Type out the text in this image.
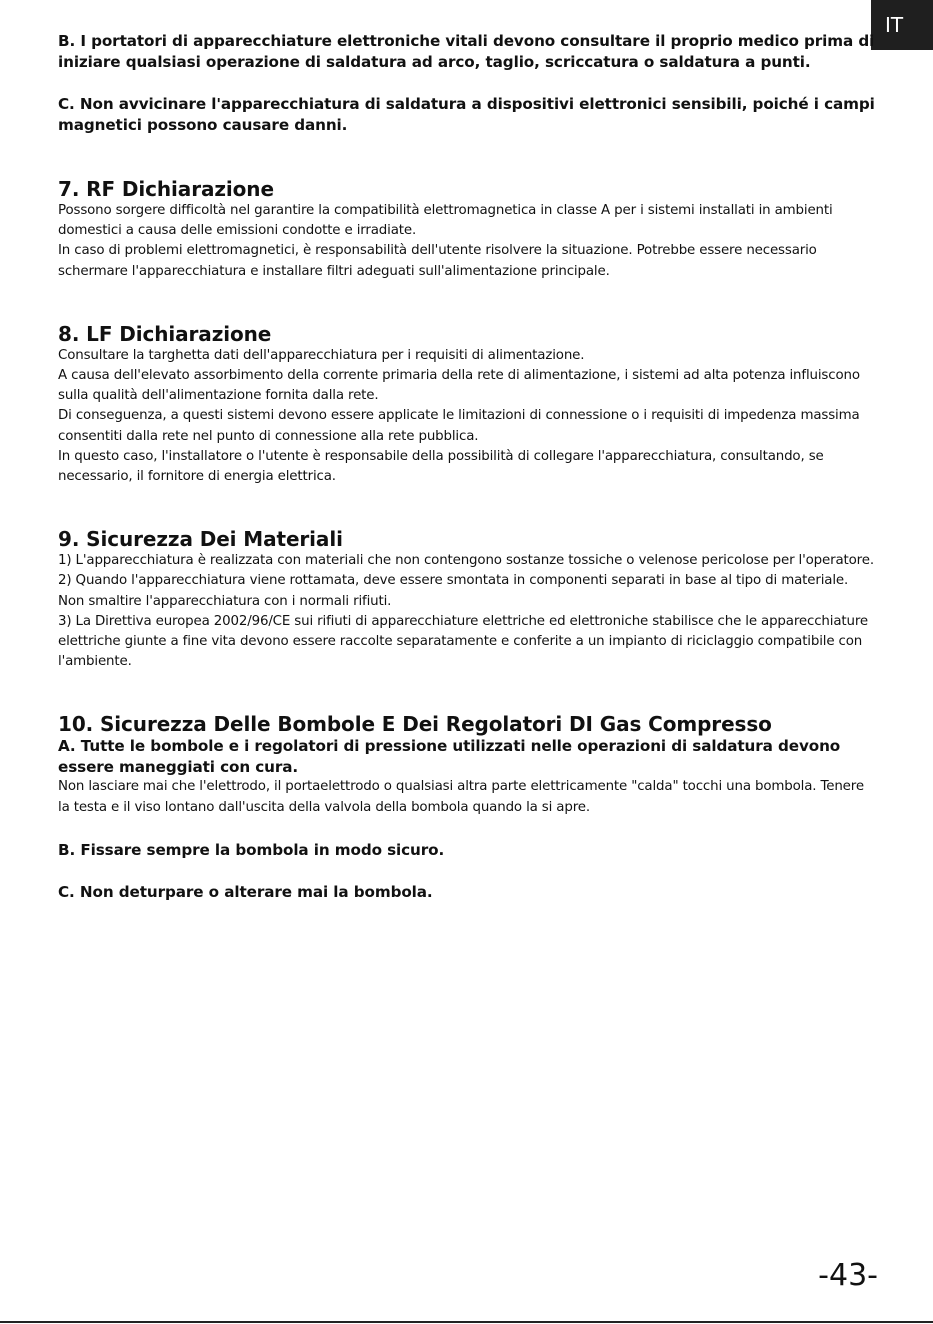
IT

B. I portatori di apparecchiature elettroniche vitali devono consultare il proprio medico prima di iniziare qualsiasi operazione di saldatura ad arco, taglio, scriccatura o saldatura a punti.

C. Non avvicinare l'apparecchiatura di saldatura a dispositivi elettronici sensibili, poiché i campi magnetici possono causare danni.

7. RF Dichiarazione

Possono sorgere difficoltà nel garantire la compatibilità elettromagnetica in classe A per i sistemi installati in ambienti domestici a causa delle emissioni condotte e irradiate.

In caso di problemi elettromagnetici, è responsabilità dell'utente risolvere la situazione. Potrebbe essere necessario schermare l'apparecchiatura e installare filtri adeguati sull'alimentazione principale.

8. LF Dichiarazione

Consultare la targhetta dati dell'apparecchiatura per i requisiti di alimentazione.

A causa dell'elevato assorbimento della corrente primaria della rete di alimentazione, i sistemi ad alta potenza influiscono sulla qualità dell'alimentazione fornita dalla rete.

Di conseguenza, a questi sistemi devono essere applicate le limitazioni di connessione o i requisiti di impedenza massima consentiti dalla rete nel punto di connessione alla rete pubblica.

In questo caso, l'installatore o l'utente è responsabile della possibilità di collegare l'apparecchiatura, consultando, se necessario, il fornitore di energia elettrica.

9. Sicurezza Dei Materiali

1) L'apparecchiatura è realizzata con materiali che non contengono sostanze tossiche o velenose pericolose per l'operatore.

2) Quando l'apparecchiatura viene rottamata, deve essere smontata in componenti separati in base al tipo di materiale. Non smaltire l'apparecchiatura con i normali rifiuti.

3) La Direttiva europea 2002/96/CE sui rifiuti di apparecchiature elettriche ed elettroniche stabilisce che le apparecchiature elettriche giunte a fine vita devono essere raccolte separatamente e conferite a un impianto di riciclaggio compatibile con l'ambiente.

10. Sicurezza Delle Bombole E Dei Regolatori DI Gas Compresso

A. Tutte le bombole e i regolatori di pressione utilizzati nelle operazioni di saldatura devono essere maneggiati con cura.

Non lasciare mai che l'elettrodo, il portaelettrodo o qualsiasi altra parte elettricamente "calda" tocchi una bombola. Tenere la testa e il viso lontano dall'uscita della valvola della bombola quando la si apre.

B. Fissare sempre la bombola in modo sicuro.

C. Non deturpare o alterare mai la bombola.

-43-
